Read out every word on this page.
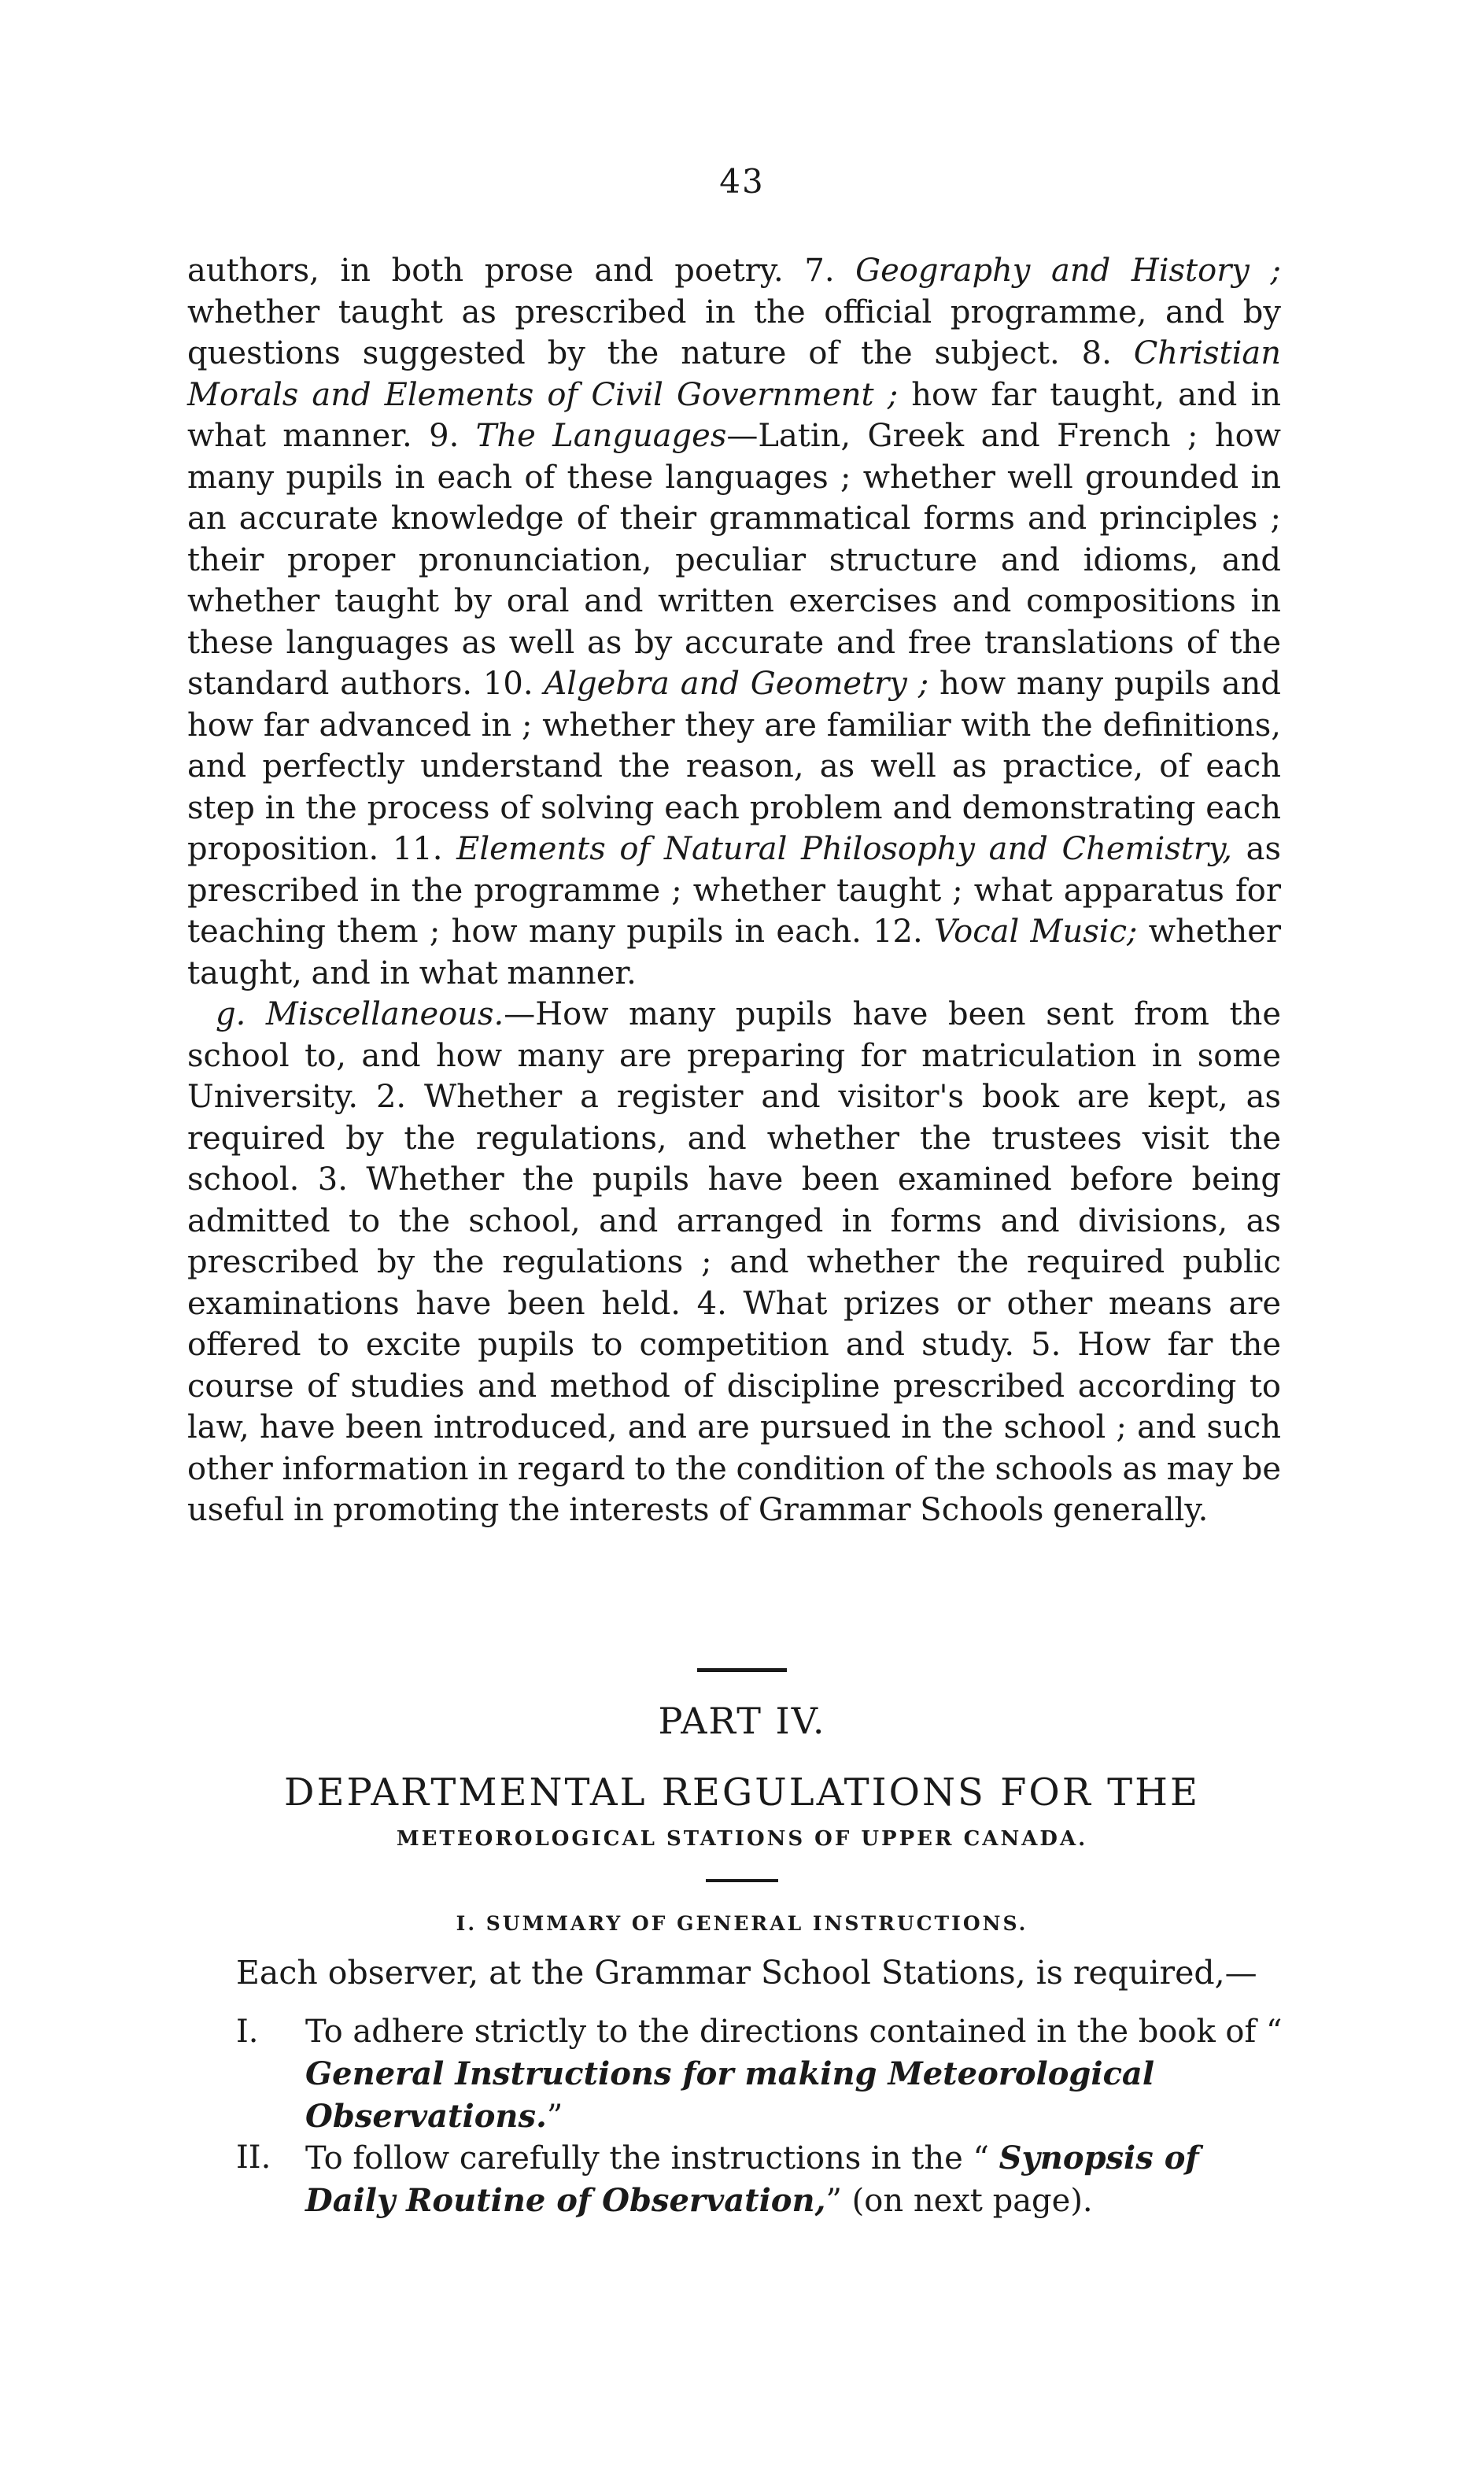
43

authors, in both prose and poetry. 7. Geography and History ; whether taught as prescribed in the official programme, and by questions suggested by the nature of the subject. 8. Christian Morals and Elements of Civil Government ; how far taught, and in what manner. 9. The Languages—Latin, Greek and French ; how many pupils in each of these languages ; whether well grounded in an accurate knowledge of their grammatical forms and principles ; their proper pronunciation, peculiar structure and idioms, and whether taught by oral and written exercises and compositions in these languages as well as by accurate and free translations of the standard authors. 10. Algebra and Geometry ; how many pupils and how far advanced in ; whether they are familiar with the definitions, and perfectly understand the reason, as well as practice, of each step in the process of solving each problem and demonstrating each proposition. 11. Elements of Natural Philosophy and Chemistry, as prescribed in the programme ; whether taught ; what apparatus for teaching them ; how many pupils in each. 12. Vocal Music; whether taught, and in what manner.

g. Miscellaneous.—How many pupils have been sent from the school to, and how many are preparing for matriculation in some University. 2. Whether a register and visitor's book are kept, as required by the regulations, and whether the trustees visit the school. 3. Whether the pupils have been examined before being admitted to the school, and arranged in forms and divisions, as prescribed by the regulations ; and whether the required public examinations have been held. 4. What prizes or other means are offered to excite pupils to competition and study. 5. How far the course of studies and method of discipline prescribed according to law, have been introduced, and are pursued in the school ; and such other information in regard to the condition of the schools as may be useful in promoting the interests of Grammar Schools generally.

PART IV.
DEPARTMENTAL REGULATIONS FOR THE
METEOROLOGICAL STATIONS OF UPPER CANADA.
I. SUMMARY OF GENERAL INSTRUCTIONS.
Each observer, at the Grammar School Stations, is required,—
I.	To adhere strictly to the directions contained in the book of “ General Instructions for making Meteorological Observations.”
II.	To follow carefully the instructions in the “ Synopsis of Daily Routine of Observation,” (on next page).
